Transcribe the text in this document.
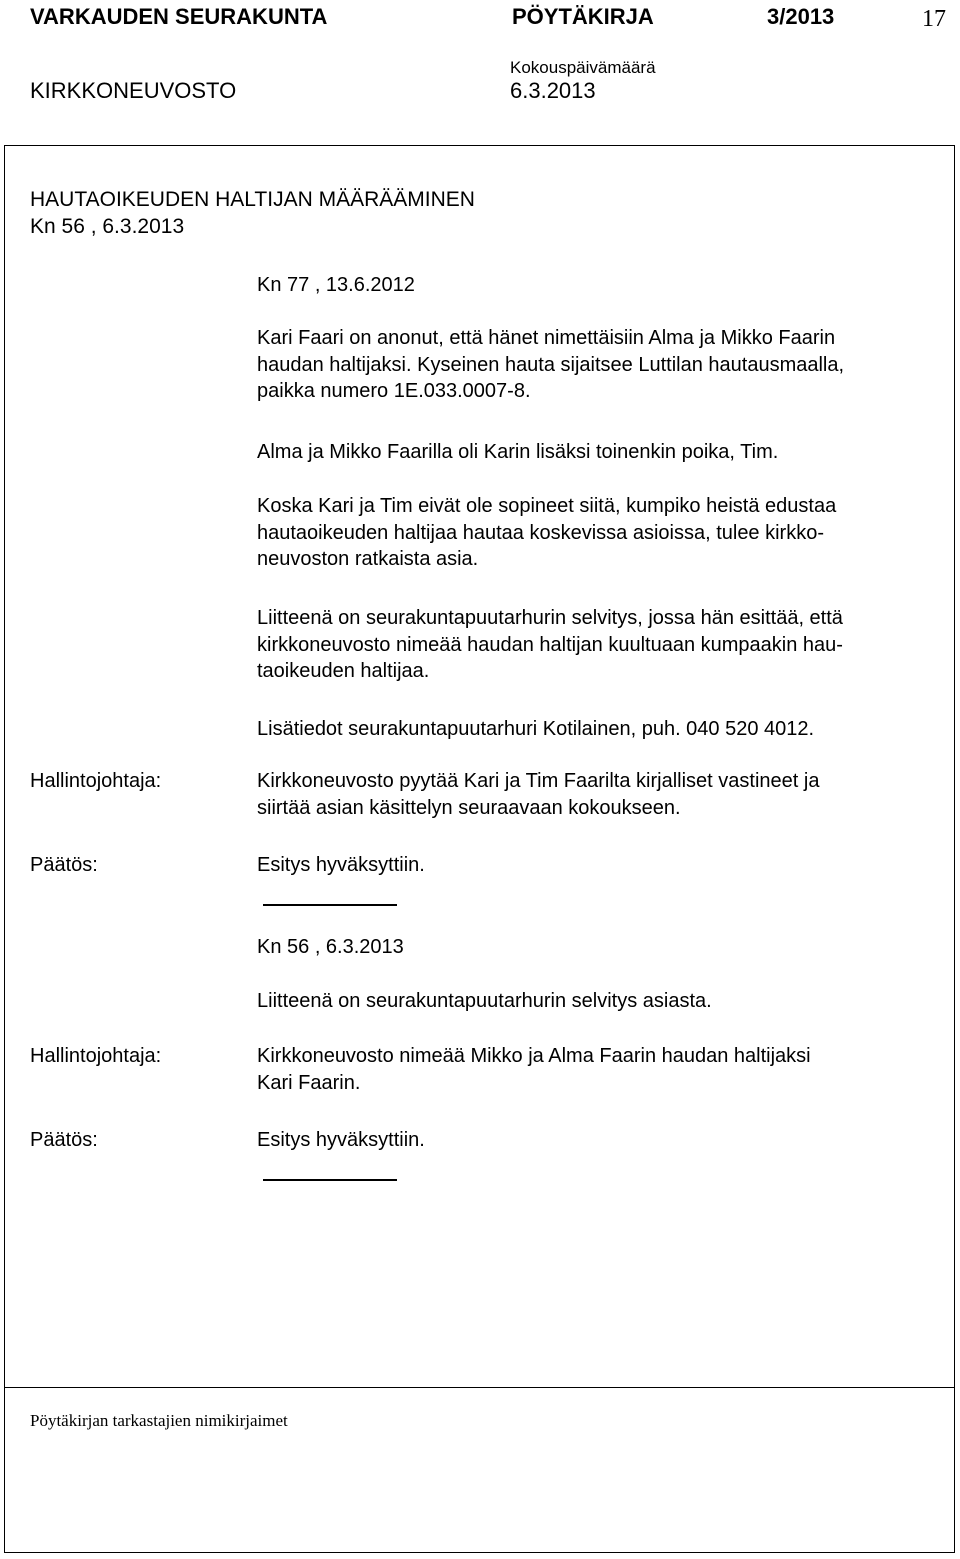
VARKAUDEN SEURAKUNTA	PÖYTÄKIRJA	3/2013	17
KIRKKONEUVOSTO
Kokouspäivämäärä
6.3.2013
HAUTAOIKEUDEN HALTIJAN MÄÄRÄÄMINEN
Kn 56 , 6.3.2013
Kn 77 , 13.6.2012
Kari Faari on anonut, että hänet nimettäisiin Alma ja Mikko Faarin
haudan haltijaksi. Kyseinen hauta sijaitsee Luttilan hautausmaalla,
paikka numero 1E.033.0007-8.
Alma ja Mikko Faarilla oli Karin lisäksi toinenkin poika, Tim.
Koska Kari ja Tim eivät ole sopineet siitä, kumpiko heistä edustaa
hautaoikeuden haltijaa hautaa koskevissa asioissa, tulee kirkko-
neuvoston ratkaista asia.
Liitteenä on seurakuntapuutarhurin selvitys, jossa hän esittää, että
kirkkoneuvosto nimeää haudan haltijan kuultuaan kumpaakin hau-
taoikeuden haltijaa.
Lisätiedot seurakuntapuutarhuri Kotilainen, puh. 040 520 4012.
Hallintojohtaja:	Kirkkoneuvosto pyytää Kari ja Tim Faarilta kirjalliset vastineet ja
siirtää asian käsittelyn seuraavaan kokoukseen.
Päätös:	Esitys hyväksyttiin.
Kn 56 , 6.3.2013
Liitteenä on seurakuntapuutarhurin selvitys asiasta.
Hallintojohtaja:	Kirkkoneuvosto nimeää Mikko ja Alma Faarin haudan haltijaksi
Kari Faarin.
Päätös:	Esitys hyväksyttiin.
Pöytäkirjan tarkastajien nimikirjaimet
